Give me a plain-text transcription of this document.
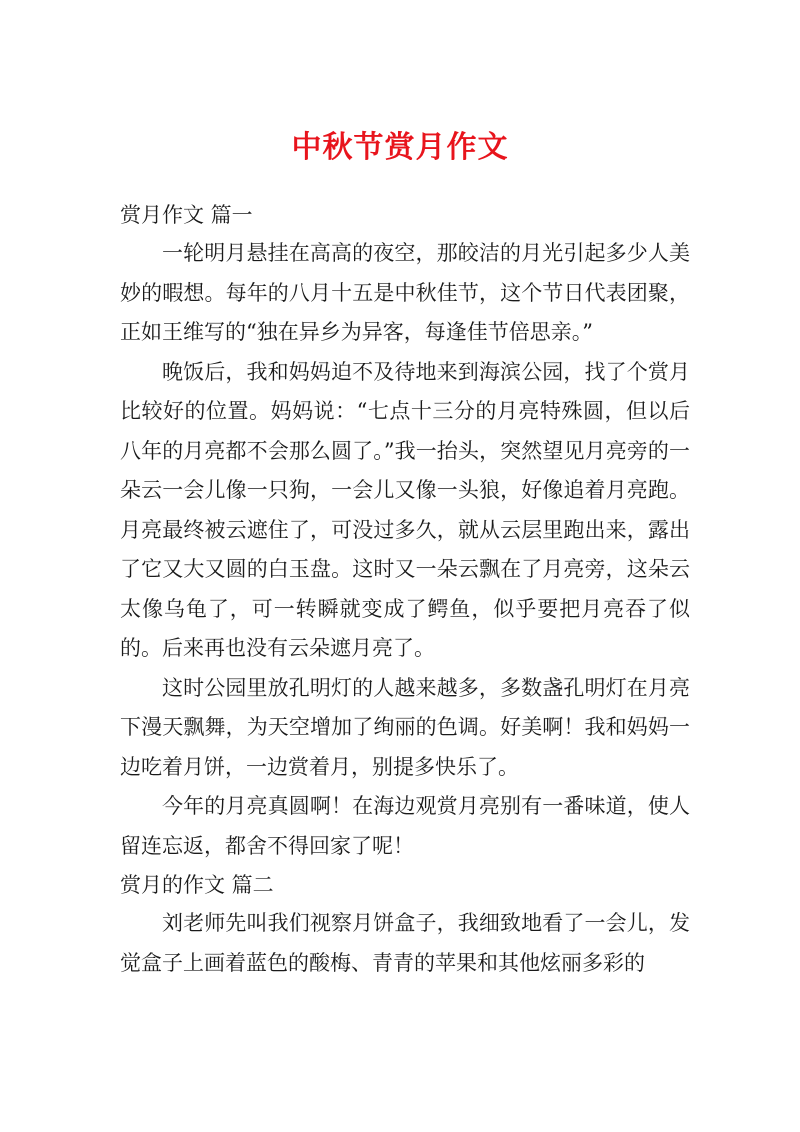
中秋节赏月作文
赏月作文 篇一

一轮明月悬挂在高高的夜空，那皎洁的月光引起多少人美妙的暇想。每年的八月十五是中秋佳节，这个节日代表团聚，正如王维写的“独在异乡为异客，每逢佳节倍思亲。”

晚饭后，我和妈妈迫不及待地来到海滨公园，找了个赏月比较好的位置。妈妈说：“七点十三分的月亮特殊圆，但以后八年的月亮都不会那么圆了。”我一抬头，突然望见月亮旁的一朵云一会儿像一只狗，一会儿又像一头狼，好像追着月亮跑。月亮最终被云遮住了，可没过多久，就从云层里跑出来，露出了它又大又圆的白玉盘。这时又一朵云飘在了月亮旁，这朵云太像乌龟了，可一转瞬就变成了鳄鱼，似乎要把月亮吞了似的。后来再也没有云朵遮月亮了。

这时公园里放孔明灯的人越来越多，多数盏孔明灯在月亮下漫天飘舞，为天空增加了绚丽的色调。好美啊！我和妈妈一边吃着月饼，一边赏着月，别提多快乐了。

今年的月亮真圆啊！在海边观赏月亮别有一番味道，使人留连忘返，都舍不得回家了呢！

赏月的作文 篇二

刘老师先叫我们视察月饼盒子，我细致地看了一会儿，发觉盒子上画着蓝色的酸梅、青青的苹果和其他炫丽多彩的
